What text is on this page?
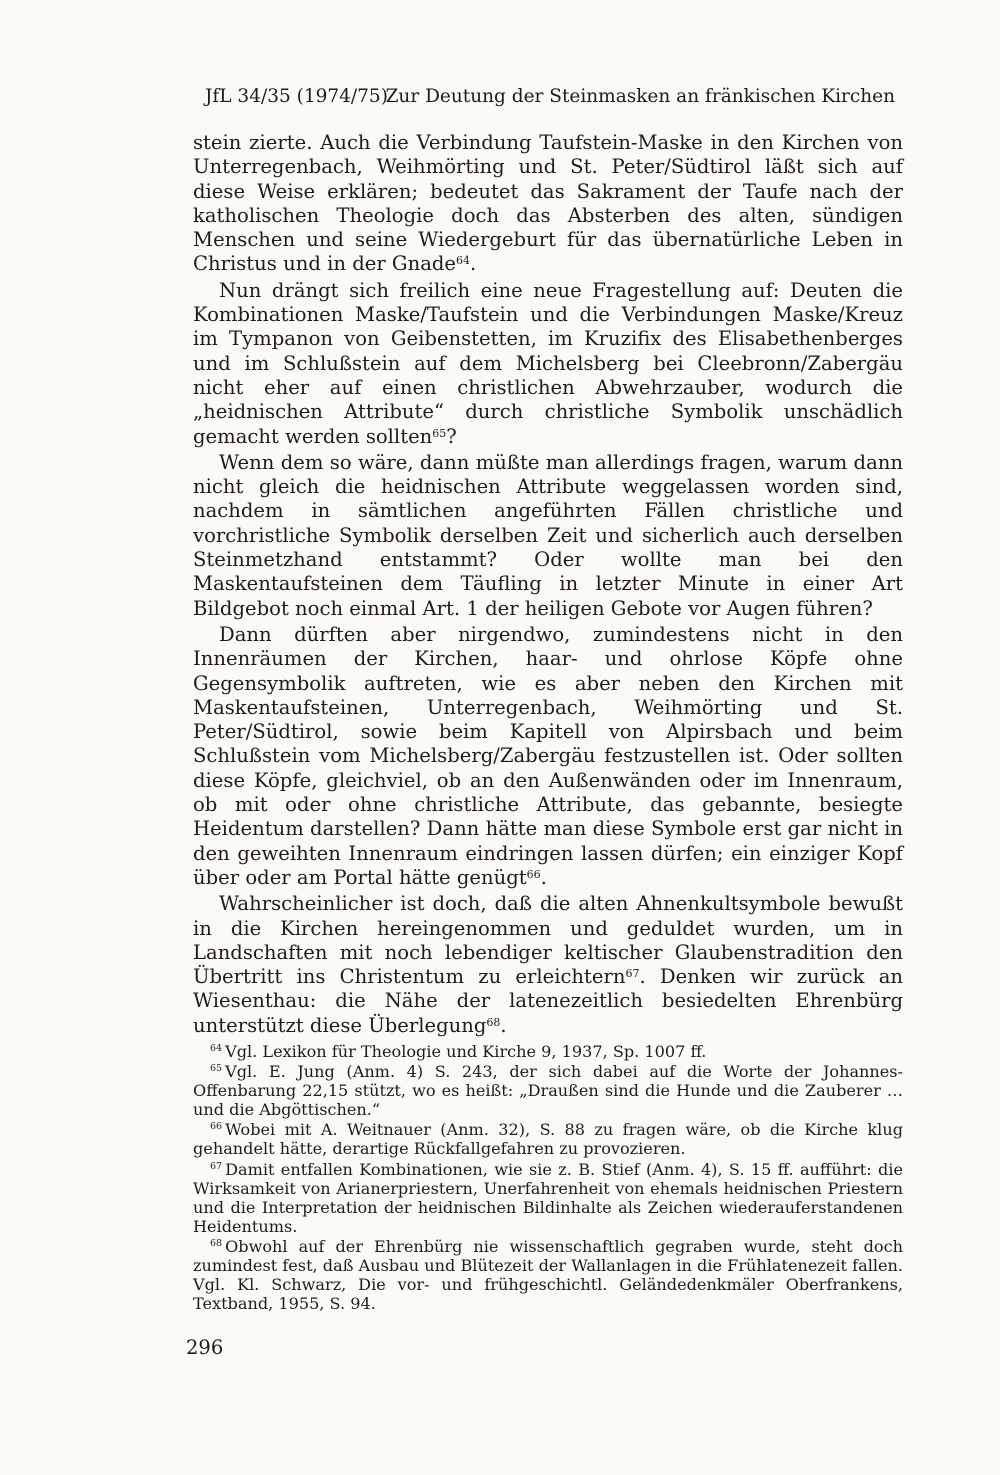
JfL 34/35 (1974/75)
Zur Deutung der Steinmasken an fränkischen Kirchen

stein zierte. Auch die Verbindung Taufstein-Maske in den Kirchen von Unterregenbach, Weihmörting und St. Peter/Südtirol läßt sich auf diese Weise erklären; bedeutet das Sakrament der Taufe nach der katholischen Theologie doch das Absterben des alten, sündigen Menschen und seine Wiedergeburt für das übernatürliche Leben in Christus und in der Gnade$^{64}$.

Nun drängt sich freilich eine neue Fragestellung auf: Deuten die Kombinationen Maske/Taufstein und die Verbindungen Maske/Kreuz im Tympanon von Geibenstetten, im Kruzifix des Elisabethenberges und im Schlußstein auf dem Michelsberg bei Cleebronn/Zabergäu nicht eher auf einen christlichen Abwehrzauber, wodurch die „heidnischen Attribute“ durch christliche Symbolik unschädlich gemacht werden sollten$^{65}$?

Wenn dem so wäre, dann müßte man allerdings fragen, warum dann nicht gleich die heidnischen Attribute weggelassen worden sind, nachdem in sämtlichen angeführten Fällen christliche und vorchristliche Symbolik derselben Zeit und sicherlich auch derselben Steinmetzhand entstammt? Oder wollte man bei den Maskentaufsteinen dem Täufling in letzter Minute in einer Art Bildgebot noch einmal Art. 1 der heiligen Gebote vor Augen führen?

Dann dürften aber nirgendwo, zumindestens nicht in den Innenräumen der Kirchen, haar- und ohrlose Köpfe ohne Gegensymbolik auftreten, wie es aber neben den Kirchen mit Maskentaufsteinen, Unterregenbach, Weihmörting und St. Peter/Südtirol, sowie beim Kapitell von Alpirsbach und beim Schlußstein vom Michelsberg/Zabergäu festzustellen ist. Oder sollten diese Köpfe, gleichviel, ob an den Außenwänden oder im Innenraum, ob mit oder ohne christliche Attribute, das gebannte, besiegte Heidentum darstellen? Dann hätte man diese Symbole erst gar nicht in den geweihten Innenraum eindringen lassen dürfen; ein einziger Kopf über oder am Portal hätte genügt$^{66}$.

Wahrscheinlicher ist doch, daß die alten Ahnenkultsymbole bewußt in die Kirchen hereingenommen und geduldet wurden, um in Landschaften mit noch lebendiger keltischer Glaubenstradition den Übertritt ins Christentum zu erleichtern$^{67}$. Denken wir zurück an Wiesenthau: die Nähe der latenezeitlich besiedelten Ehrenbürg unterstützt diese Überlegung$^{68}$.

$^{64}$ Vgl. Lexikon für Theologie und Kirche 9, 1937, Sp. 1007 ff.

$^{65}$ Vgl. E. Jung (Anm. 4) S. 243, der sich dabei auf die Worte der Johannes-Offenbarung 22,15 stützt, wo es heißt: „Draußen sind die Hunde und die Zauberer … und die Abgöttischen.“

$^{66}$ Wobei mit A. Weitnauer (Anm. 32), S. 88 zu fragen wäre, ob die Kirche klug gehandelt hätte, derartige Rückfallgefahren zu provozieren.

$^{67}$ Damit entfallen Kombinationen, wie sie z. B. Stief (Anm. 4), S. 15 ff. aufführt: die Wirksamkeit von Arianerpriestern, Unerfahrenheit von ehemals heidnischen Priestern und die Interpretation der heidnischen Bildinhalte als Zeichen wiederauferstandenen Heidentums.

$^{68}$ Obwohl auf der Ehrenbürg nie wissenschaftlich gegraben wurde, steht doch zumindest fest, daß Ausbau und Blütezeit der Wallanlagen in die Frühlatenezeit fallen. Vgl. Kl. Schwarz, Die vor- und frühgeschichtl. Geländedenkmäler Oberfrankens, Textband, 1955, S. 94.

296
